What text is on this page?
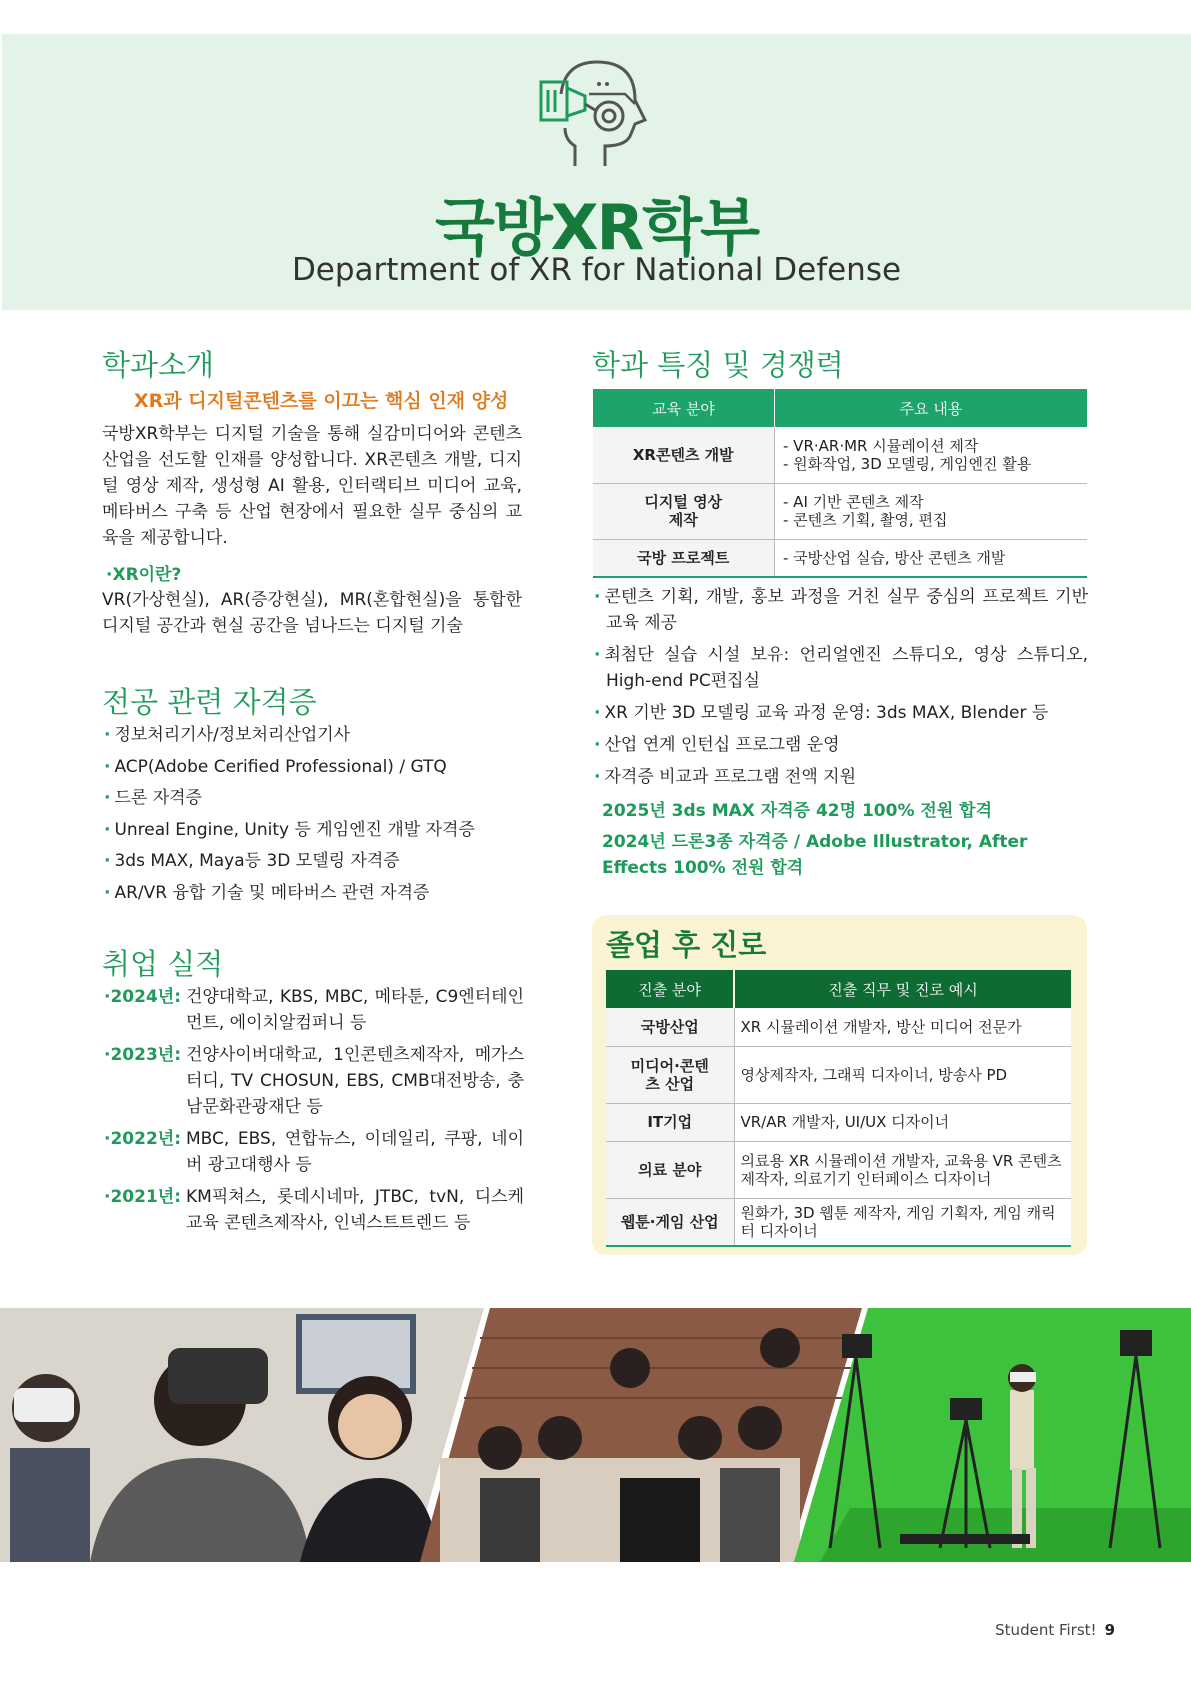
국방XR학부
Department of XR for National Defense
학과소개
XR과 디지털콘텐츠를 이끄는 핵심 인재 양성
국방XR학부는 디지털 기술을 통해 실감미디어와 콘텐츠 산업을 선도할 인재를 양성합니다. XR콘텐츠 개발, 디지털 영상 제작, 생성형 AI 활용, 인터랙티브 미디어 교육, 메타버스 구축 등 산업 현장에서 필요한 실무 중심의 교육을 제공합니다.
·XR이란?
VR(가상현실), AR(증강현실), MR(혼합현실)을 통합한 디지털 공간과 현실 공간을 넘나드는 디지털 기술
전공 관련 자격증
· 정보처리기사/정보처리산업기사
· ACP(Adobe Cerified Professional) / GTQ
· 드론 자격증
· Unreal Engine, Unity 등 게임엔진 개발 자격증
· 3ds MAX, Maya등 3D 모델링 자격증
· AR/VR 융합 기술 및 메타버스 관련 자격증
취업 실적
·2024년: 건양대학교, KBS, MBC, 메타툰, C9엔터테인먼트, 에이치알컴퍼니 등
·2023년: 건양사이버대학교, 1인콘텐츠제작자, 메가스터디, TV CHOSUN, EBS, CMB대전방송, 충남문화관광재단 등
·2022년: MBC, EBS, 연합뉴스, 이데일리, 쿠팡, 네이버 광고대행사 등
·2021년: KM픽쳐스, 롯데시네마, JTBC, tvN, 디스케 교육 콘텐츠제작사, 인넥스트트렌드 등
학과 특징 및 경쟁력
교육 분야	주요 내용
XR콘텐츠 개발	- VR·AR·MR 시뮬레이션 제작
- 원화작업, 3D 모델링, 게임엔진 활용

디지털 영상 제작	- AI 기반 콘텐츠 제작
- 콘텐츠 기획, 촬영, 편집

국방 프로젝트	- 국방산업 실습, 방산 콘텐츠 개발
· 콘텐츠 기획, 개발, 홍보 과정을 거친 실무 중심의 프로젝트 기반 교육 제공
· 최첨단 실습 시설 보유: 언리얼엔진 스튜디오, 영상 스튜디오, High-end PC편집실
· XR 기반 3D 모델링 교육 과정 운영: 3ds MAX, Blender 등
· 산업 연계 인턴십 프로그램 운영
· 자격증 비교과 프로그램 전액 지원
2025년 3ds MAX 자격증 42명 100% 전원 합격
2024년 드론3종 자격증 / Adobe Illustrator, After Effects 100% 전원 합격
졸업 후 진로
진출 분야	진출 직무 및 진로 예시
국방산업	XR 시뮬레이션 개발자, 방산 미디어 전문가

미디어·콘텐츠 산업	영상제작자, 그래픽 디자이너, 방송사 PD
IT기업	VR/AR 개발자, UI/UX 디자이너
의료 분야	의료용 XR 시뮬레이션 개발자, 교육용 VR 콘텐츠 제작자, 의료기기 인터페이스 디자이너
웹툰·게임 산업	원화가, 3D 웹툰 제작자, 게임 기획자, 게임 캐릭터 디자이너
Student First! 9
